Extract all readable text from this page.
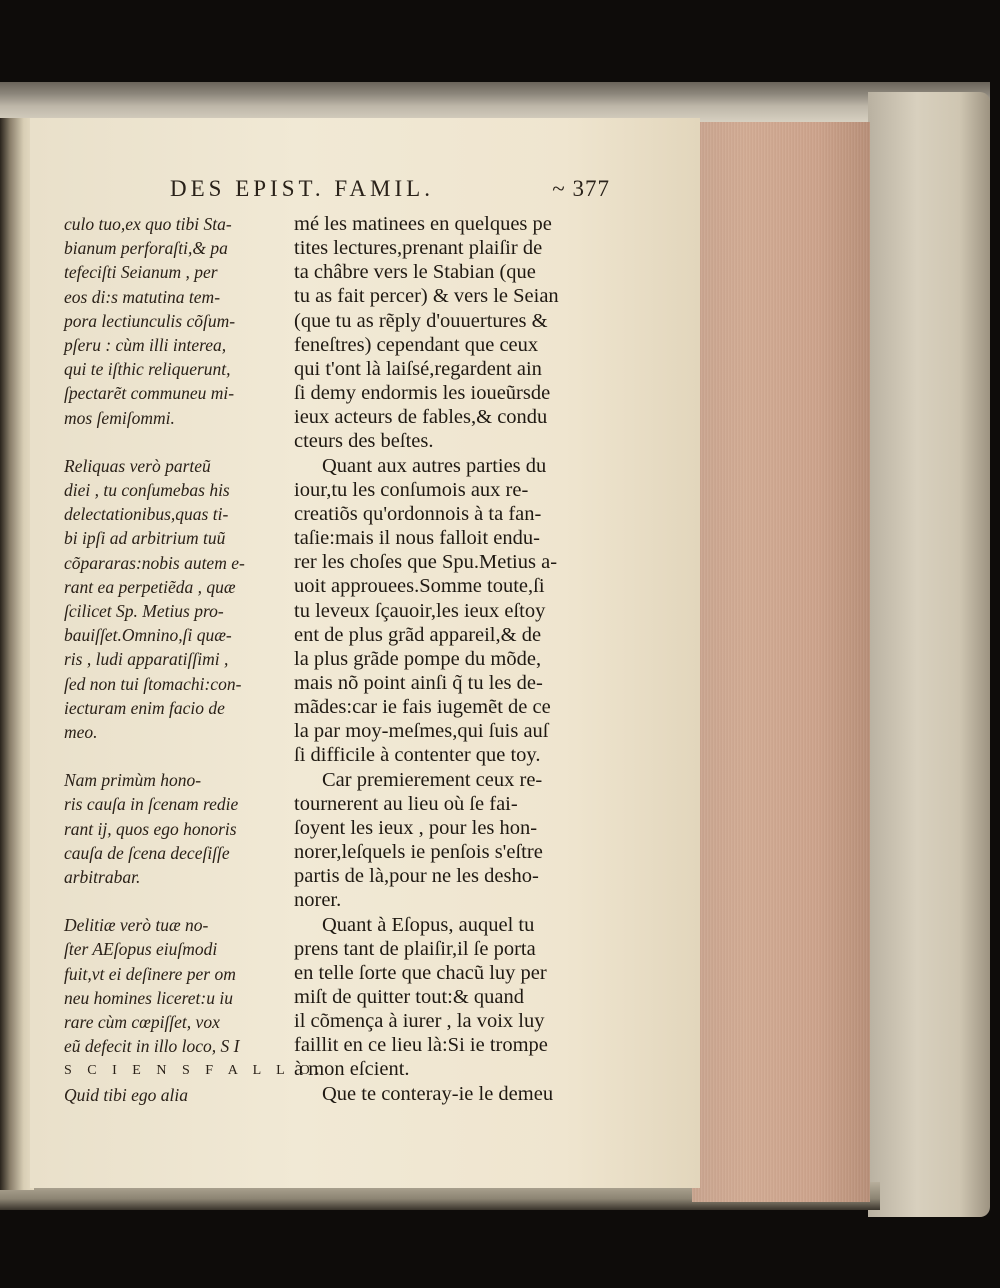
DES EPIST. FAMIL.	~ 377
culo tuo,ex quo tibi Sta-
bianum perforaſti,& pa
tefeciſti Seianum , per
eos di:s matutina tem-
pora lectiunculis cõſum-
pſeru : cùm illi interea,
qui te iſthic reliquerunt,
ſpectarẽt communeu mi-
mos ſemiſommi.
Reliquas verò parteũ
diei , tu conſumebas his
delectationibus,quas ti-
bi ipſi ad arbitrium tuũ
cõpararas:nobis autem e-
rant ea perpetiẽda , quæ
ſcilicet Sp. Metius pro-
bauiſſet.Omnino,ſi quæ-
ris , ludi apparatiſſimi ,
ſed non tui ſtomachi:con-
iecturam enim facio de
meo.
Nam primùm hono-
ris cauſa in ſcenam redie
rant ij, quos ego honoris
cauſa de ſcena deceſiſſe
arbitrabar.
Delitiæ verò tuæ no-
ſter AEſopus eiuſmodi
fuit,vt ei deſinere per om
neu homines liceret:u iu
rare cùm cœpiſſet, vox
eũ defecit in illo loco, S I
S C I E N S F A L L O.
Quid tibi ego alia
mé les matinees en quelques pe
tites lectures,prenant plaiſir de
ta châbre vers le Stabian (que
tu as fait percer) & vers le Seian
(que tu as rẽply d'ouuertures &
feneſtres) cependant que ceux
qui t'ont là laiſsé,regardent ain
ſi demy endormis les ioueũrsde
ieux acteurs de fables,& condu
cteurs des beſtes.
Quant aux autres parties du
iour,tu les conſumois aux re-
creatiõs qu'ordonnois à ta fan-
taſie:mais il nous falloit endu-
rer les choſes que Spu.Metius a-
uoit approuees.Somme toute,ſi
tu leveux ſçauoir,les ieux eſtoy
ent de plus grãd appareil,& de
la plus grãde pompe du mõde,
mais nõ point ainſi q̃ tu les de-
mãdes:car ie fais iugemẽt de ce
la par moy-meſmes,qui ſuis auſ
ſi difficile à contenter que toy.
Car premierement ceux re-
tournerent au lieu où ſe fai-
ſoyent les ieux , pour les hon-
norer,leſquels ie penſois s'eſtre
partis de là,pour ne les desho-
norer.
Quant à Eſopus, auquel tu
prens tant de plaiſir,il ſe porta
en telle ſorte que chacũ luy per
miſt de quitter tout:& quand
il cõmença à iurer , la voix luy
faillit en ce lieu là:Si ie trompe
à mon eſcient.
Que te conteray-ie le demeu
